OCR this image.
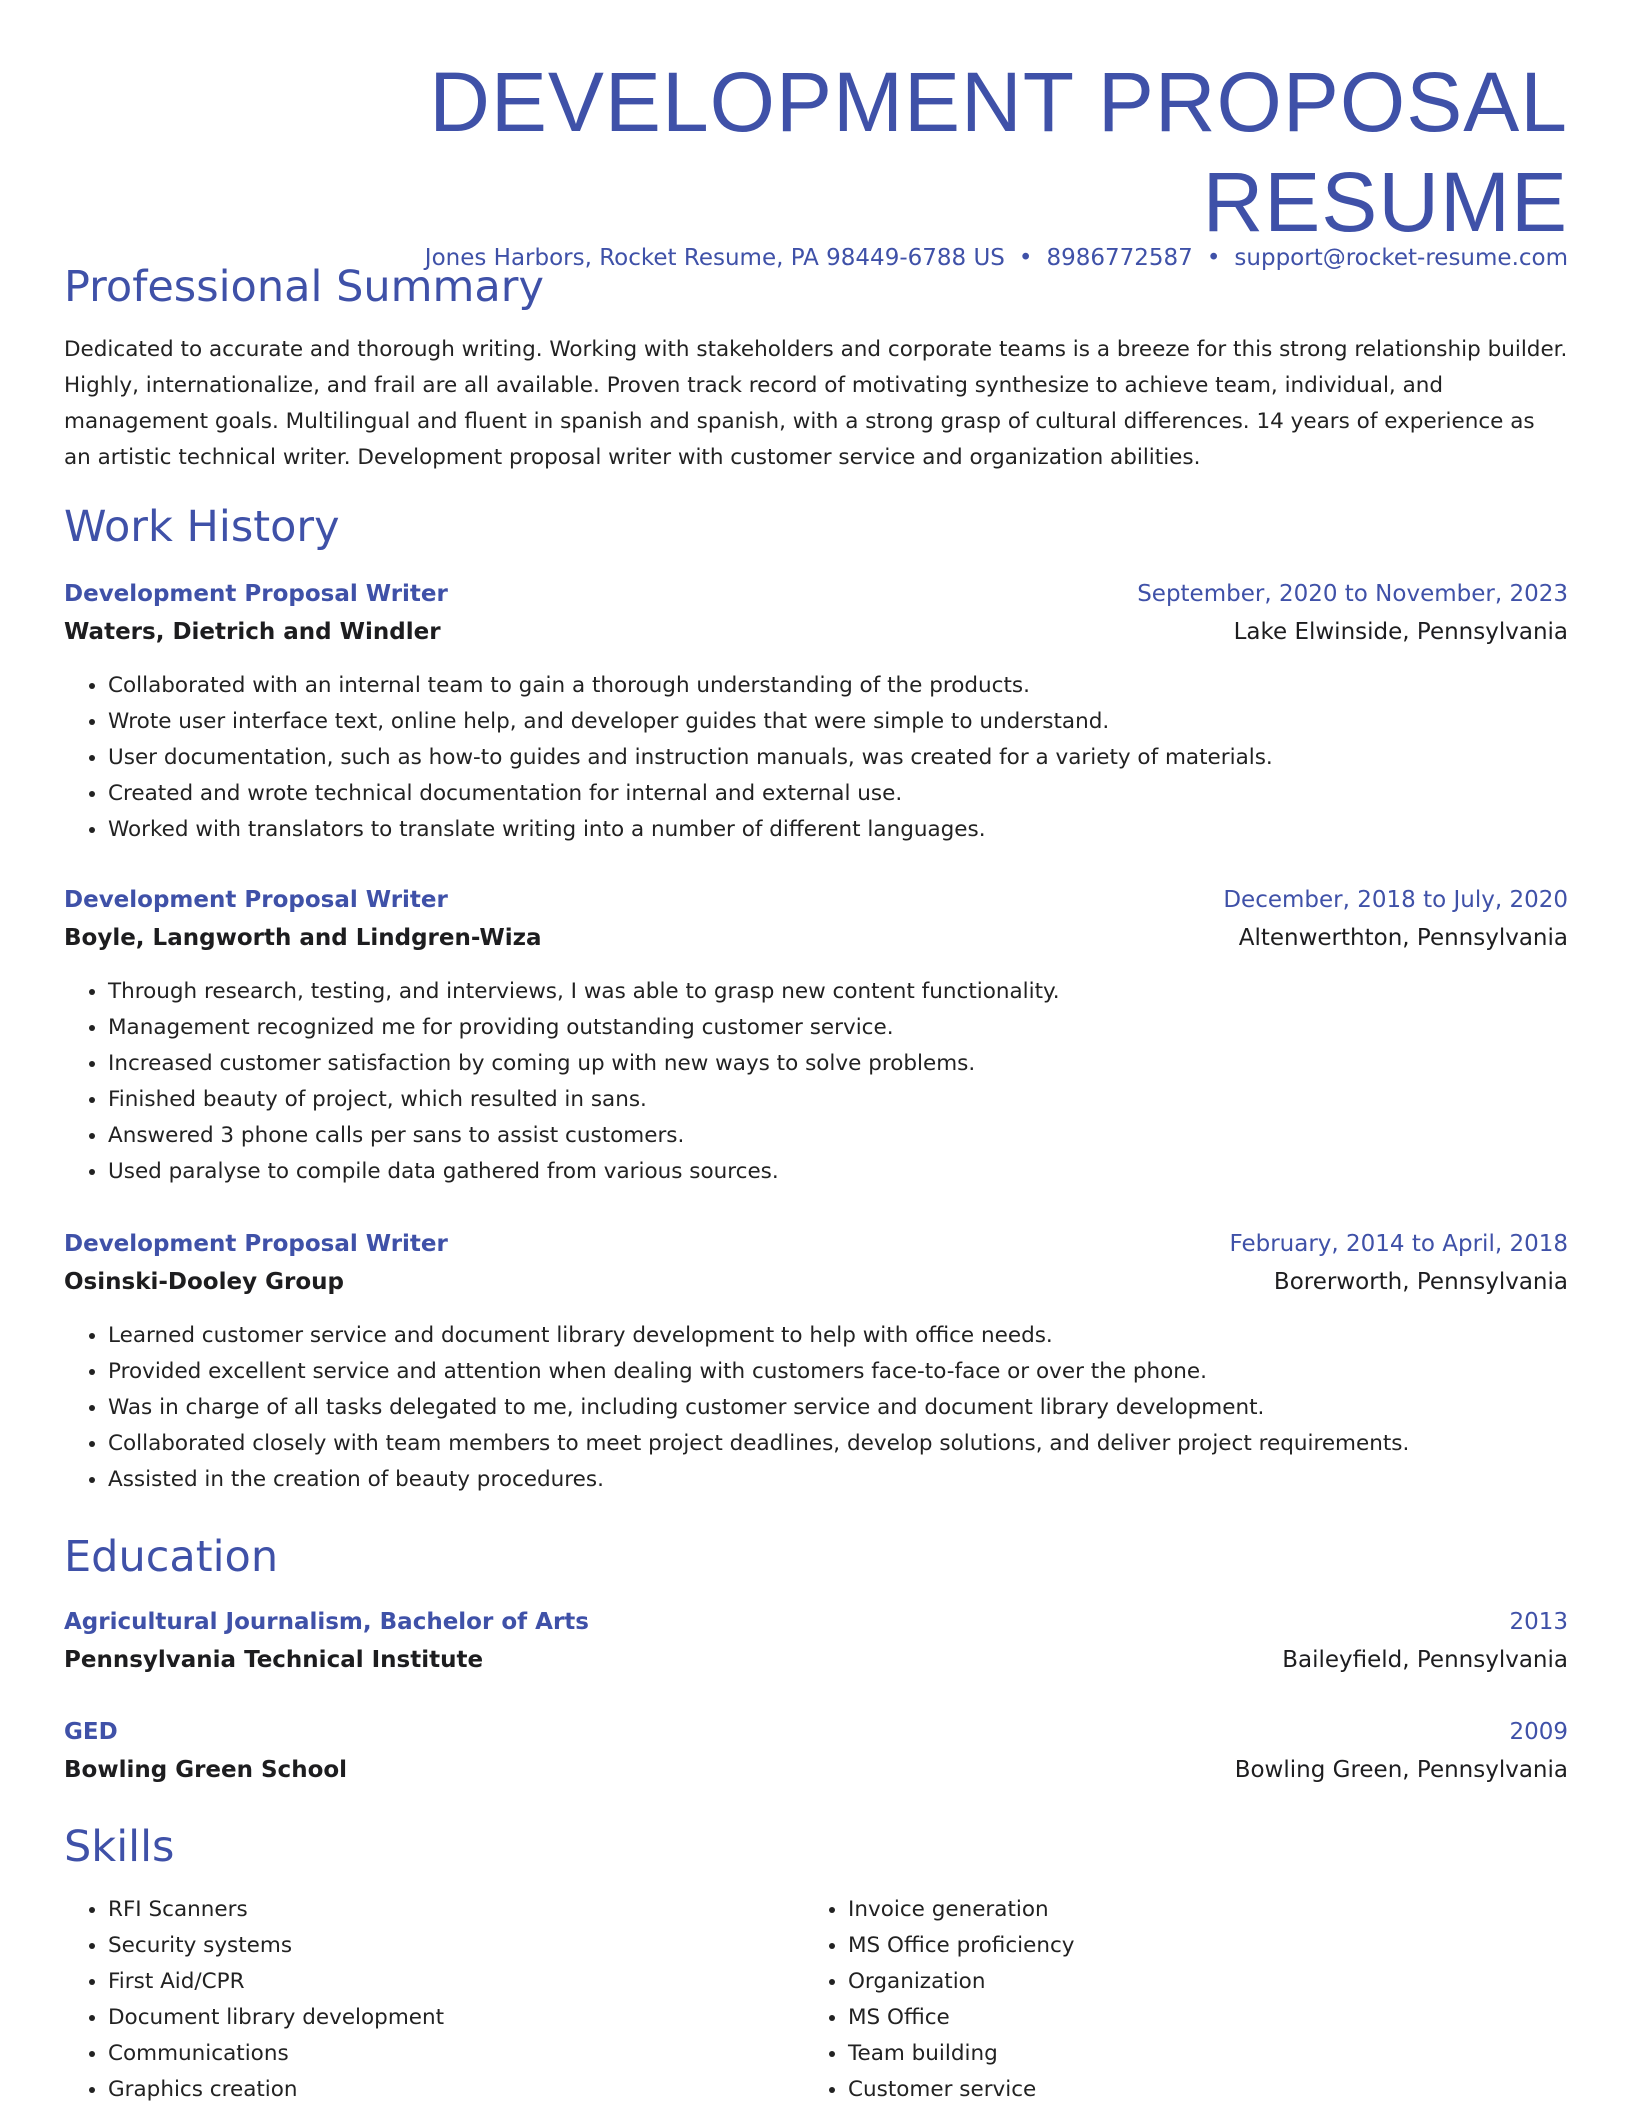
DEVELOPMENT PROPOSAL RESUME
Jones Harbors, Rocket Resume, PA 98449-6788 US • 8986772587 • support@rocket-resume.com
Professional Summary
Dedicated to accurate and thorough writing. Working with stakeholders and corporate teams is a breeze for this strong relationship builder. Highly, internationalize, and frail are all available. Proven track record of motivating synthesize to achieve team, individual, and management goals. Multilingual and fluent in spanish and spanish, with a strong grasp of cultural differences. 14 years of experience as an artistic technical writer. Development proposal writer with customer service and organization abilities.
Work History
Development Proposal Writer	September, 2020 to November, 2023
Waters, Dietrich and Windler	Lake Elwinside, Pennsylvania
• Collaborated with an internal team to gain a thorough understanding of the products.
• Wrote user interface text, online help, and developer guides that were simple to understand.
• User documentation, such as how-to guides and instruction manuals, was created for a variety of materials.
• Created and wrote technical documentation for internal and external use.
• Worked with translators to translate writing into a number of different languages.
Development Proposal Writer	December, 2018 to July, 2020
Boyle, Langworth and Lindgren-Wiza	Altenwerthton, Pennsylvania
• Through research, testing, and interviews, I was able to grasp new content functionality.
• Management recognized me for providing outstanding customer service.
• Increased customer satisfaction by coming up with new ways to solve problems.
• Finished beauty of project, which resulted in sans.
• Answered 3 phone calls per sans to assist customers.
• Used paralyse to compile data gathered from various sources.
Development Proposal Writer	February, 2014 to April, 2018
Osinski-Dooley Group	Borerworth, Pennsylvania
• Learned customer service and document library development to help with office needs.
• Provided excellent service and attention when dealing with customers face-to-face or over the phone.
• Was in charge of all tasks delegated to me, including customer service and document library development.
• Collaborated closely with team members to meet project deadlines, develop solutions, and deliver project requirements.
• Assisted in the creation of beauty procedures.
Education
Agricultural Journalism, Bachelor of Arts	2013
Pennsylvania Technical Institute	Baileyfield, Pennsylvania
GED	2009
Bowling Green School	Bowling Green, Pennsylvania
Skills
• RFI Scanners
• Security systems
• First Aid/CPR
• Document library development
• Communications
• Graphics creation
• Invoice generation
• MS Office proficiency
• Organization
• MS Office
• Team building
• Customer service
